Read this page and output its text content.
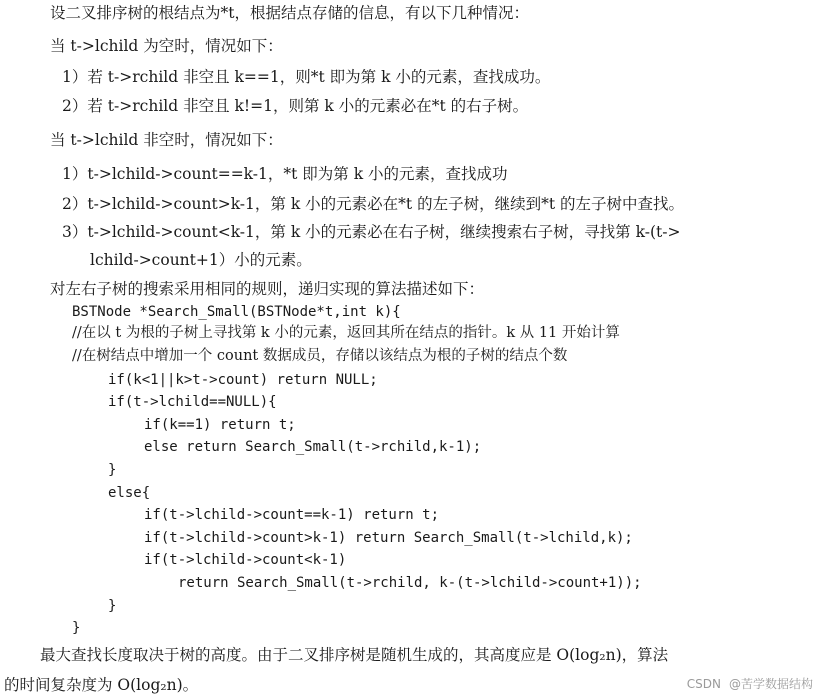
设二叉排序树的根结点为*t，根据结点存储的信息，有以下几种情况：
当 t->lchild 为空时，情况如下：
1）若 t->rchild 非空且 k==1，则*t 即为第 k 小的元素，查找成功。
2）若 t->rchild 非空且 k!=1，则第 k 小的元素必在*t 的右子树。
当 t->lchild 非空时，情况如下：
1）t->lchild->count==k-1，*t 即为第 k 小的元素，查找成功
2）t->lchild->count>k-1，第 k 小的元素必在*t 的左子树，继续到*t 的左子树中查找。
3）t->lchild->count<k-1，第 k 小的元素必在右子树，继续搜索右子树，寻找第 k-(t->
lchild->count+1）小的元素。
对左右子树的搜索采用相同的规则，递归实现的算法描述如下：
BSTNode *Search_Small(BSTNode*t,int k){
//在以 t 为根的子树上寻找第 k 小的元素，返回其所在结点的指针。k 从 11 开始计算
//在树结点中增加一个 count 数据成员，存储以该结点为根的子树的结点个数
if(k<1||k>t->count) return NULL;
if(t->lchild==NULL){
if(k==1) return t;
else return Search_Small(t->rchild,k-1);
}
else{
if(t->lchild->count==k-1) return t;
if(t->lchild->count>k-1) return Search_Small(t->lchild,k);
if(t->lchild->count<k-1)
return Search_Small(t->rchild, k-(t->lchild->count+1));
}
}
最大查找长度取决于树的高度。由于二叉排序树是随机生成的，其高度应是 O(log₂n)，算法
的时间复杂度为 O(log₂n)。	CSDN @苦学数据结构
